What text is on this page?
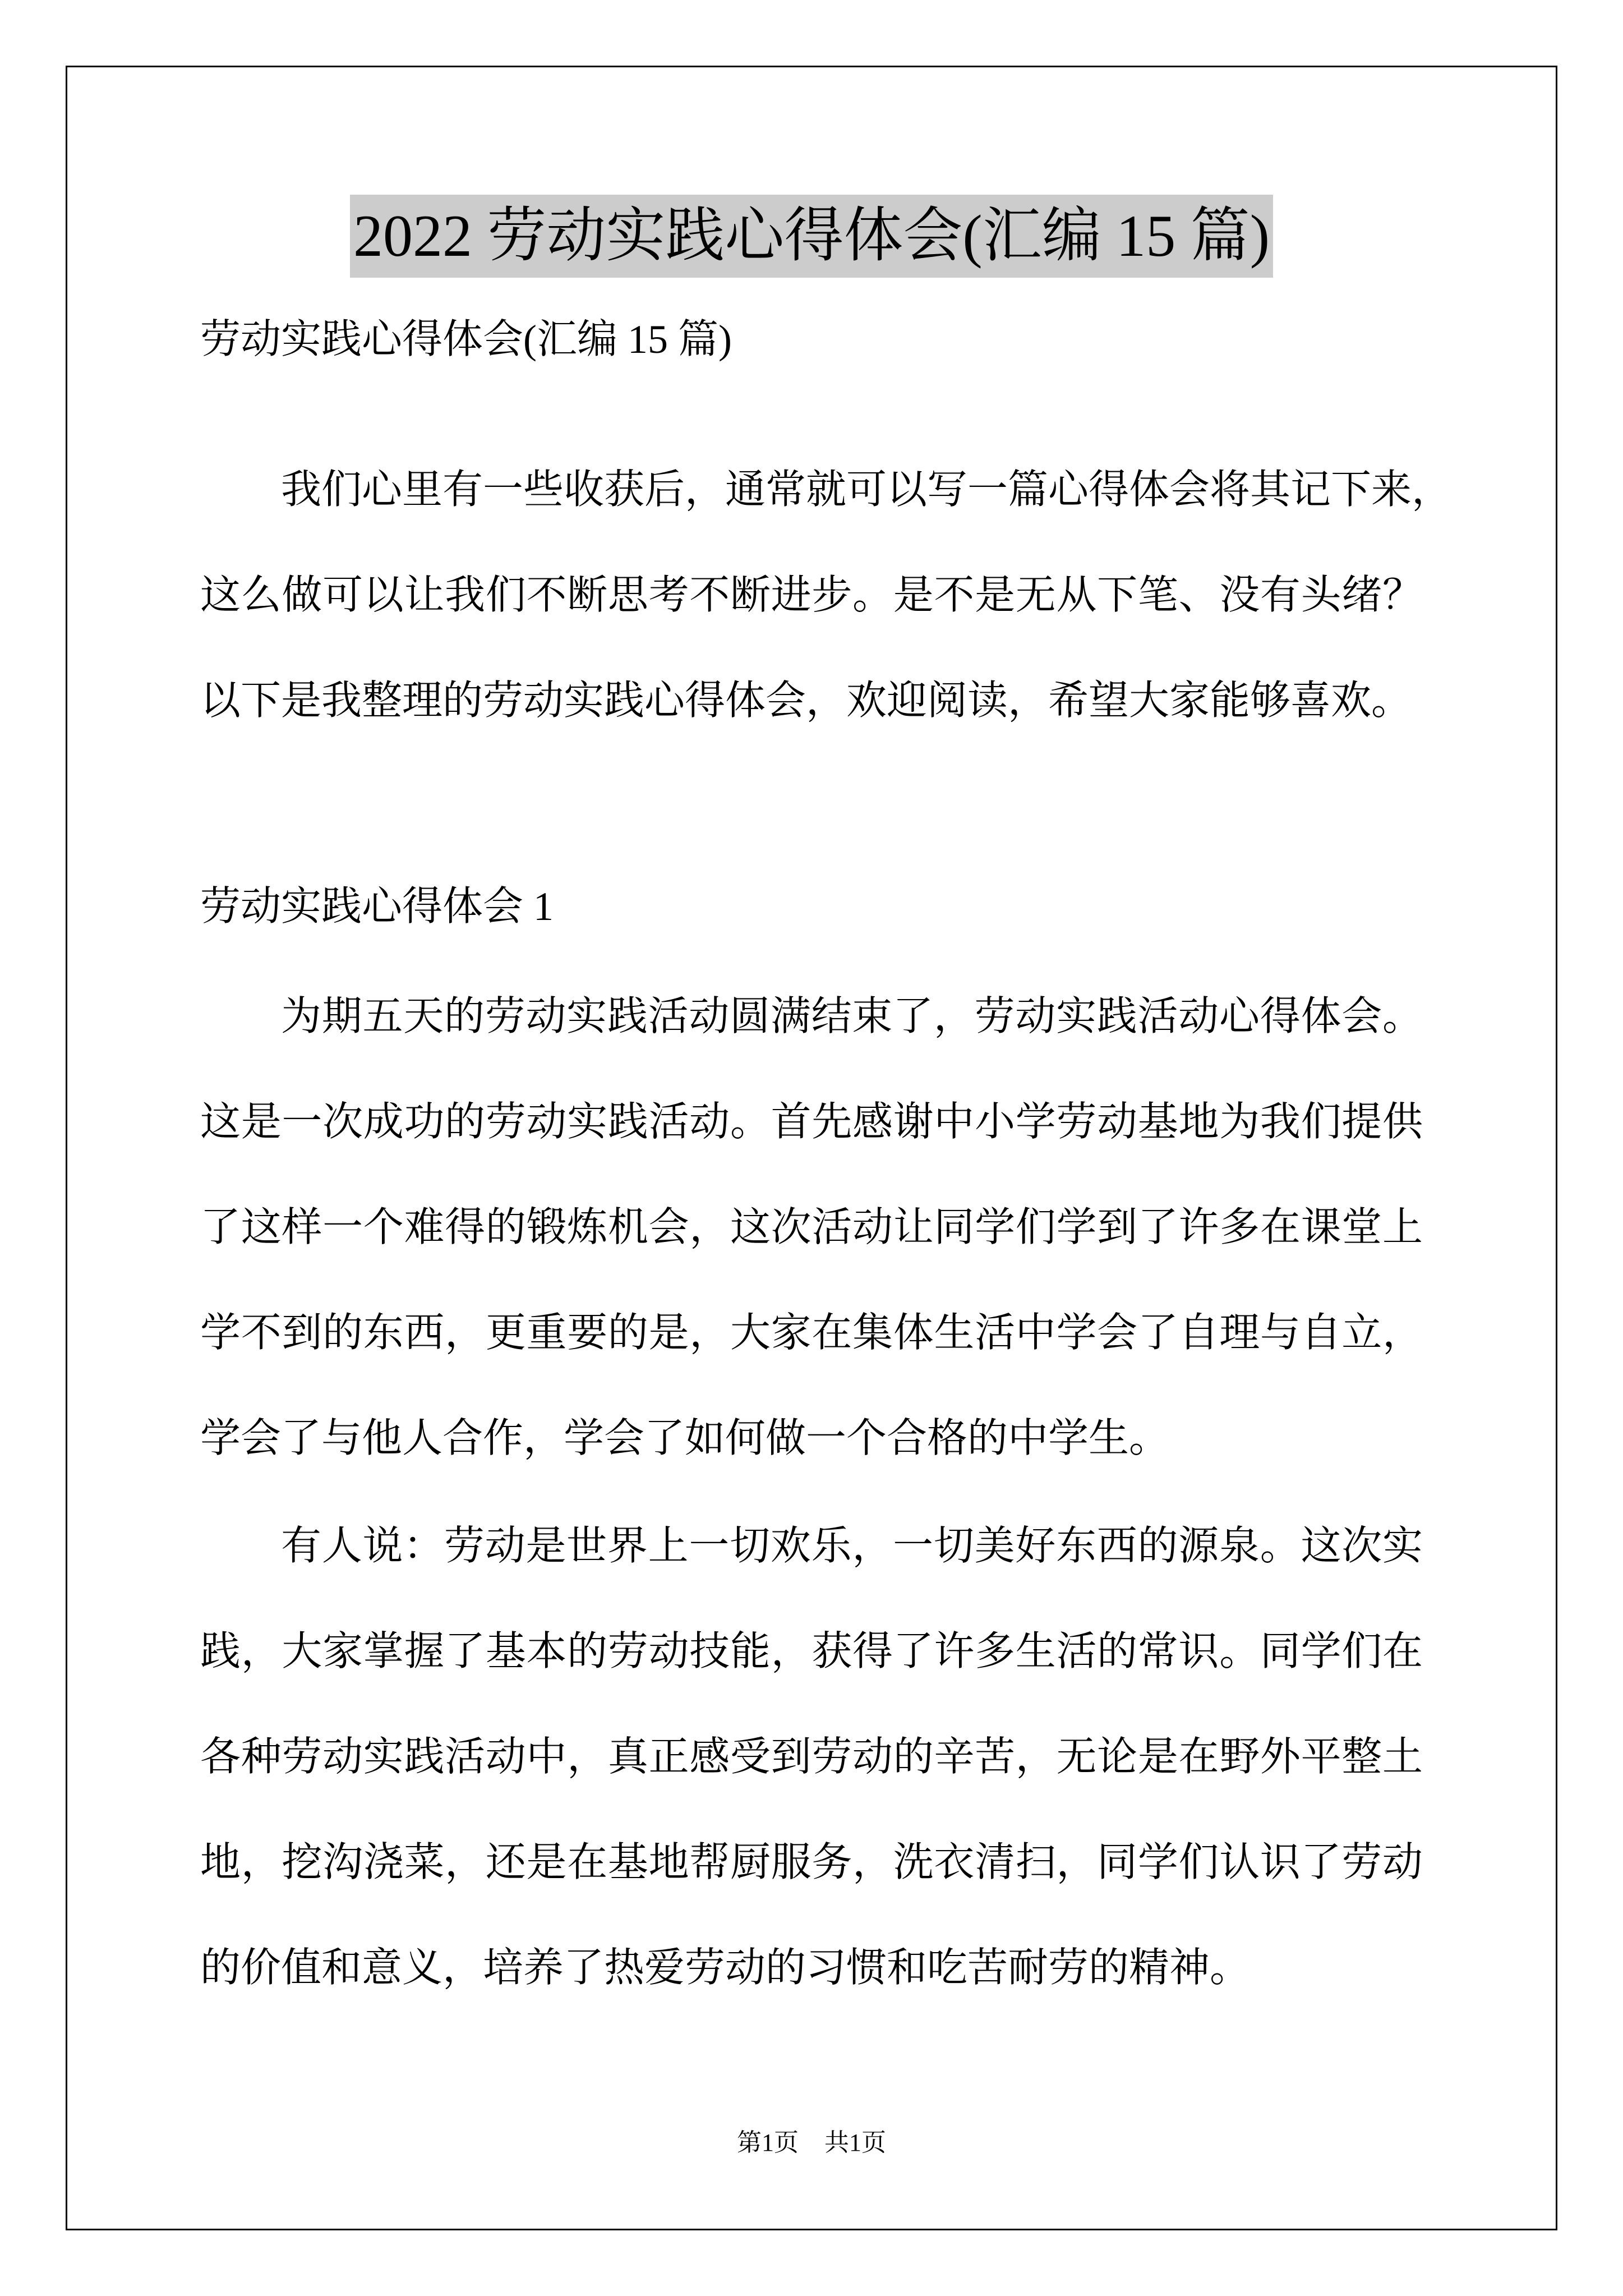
2022 劳动实践心得体会(汇编 15 篇)
劳动实践心得体会(汇编 15 篇)
我们心里有一些收获后，通常就可以写一篇心得体会将其记下来，
这么做可以让我们不断思考不断进步。是不是无从下笔、没有头绪？
以下是我整理的劳动实践心得体会，欢迎阅读，希望大家能够喜欢。
劳动实践心得体会 1
为期五天的劳动实践活动圆满结束了，劳动实践活动心得体会。
这是一次成功的劳动实践活动。首先感谢中小学劳动基地为我们提供
了这样一个难得的锻炼机会，这次活动让同学们学到了许多在课堂上
学不到的东西，更重要的是，大家在集体生活中学会了自理与自立，
学会了与他人合作，学会了如何做一个合格的中学生。
有人说：劳动是世界上一切欢乐，一切美好东西的源泉。这次实
践，大家掌握了基本的劳动技能，获得了许多生活的常识。同学们在
各种劳动实践活动中，真正感受到劳动的辛苦，无论是在野外平整土
地，挖沟浇菜，还是在基地帮厨服务，洗衣清扫，同学们认识了劳动
的价值和意义，培养了热爱劳动的习惯和吃苦耐劳的精神。
第1页 共1页
